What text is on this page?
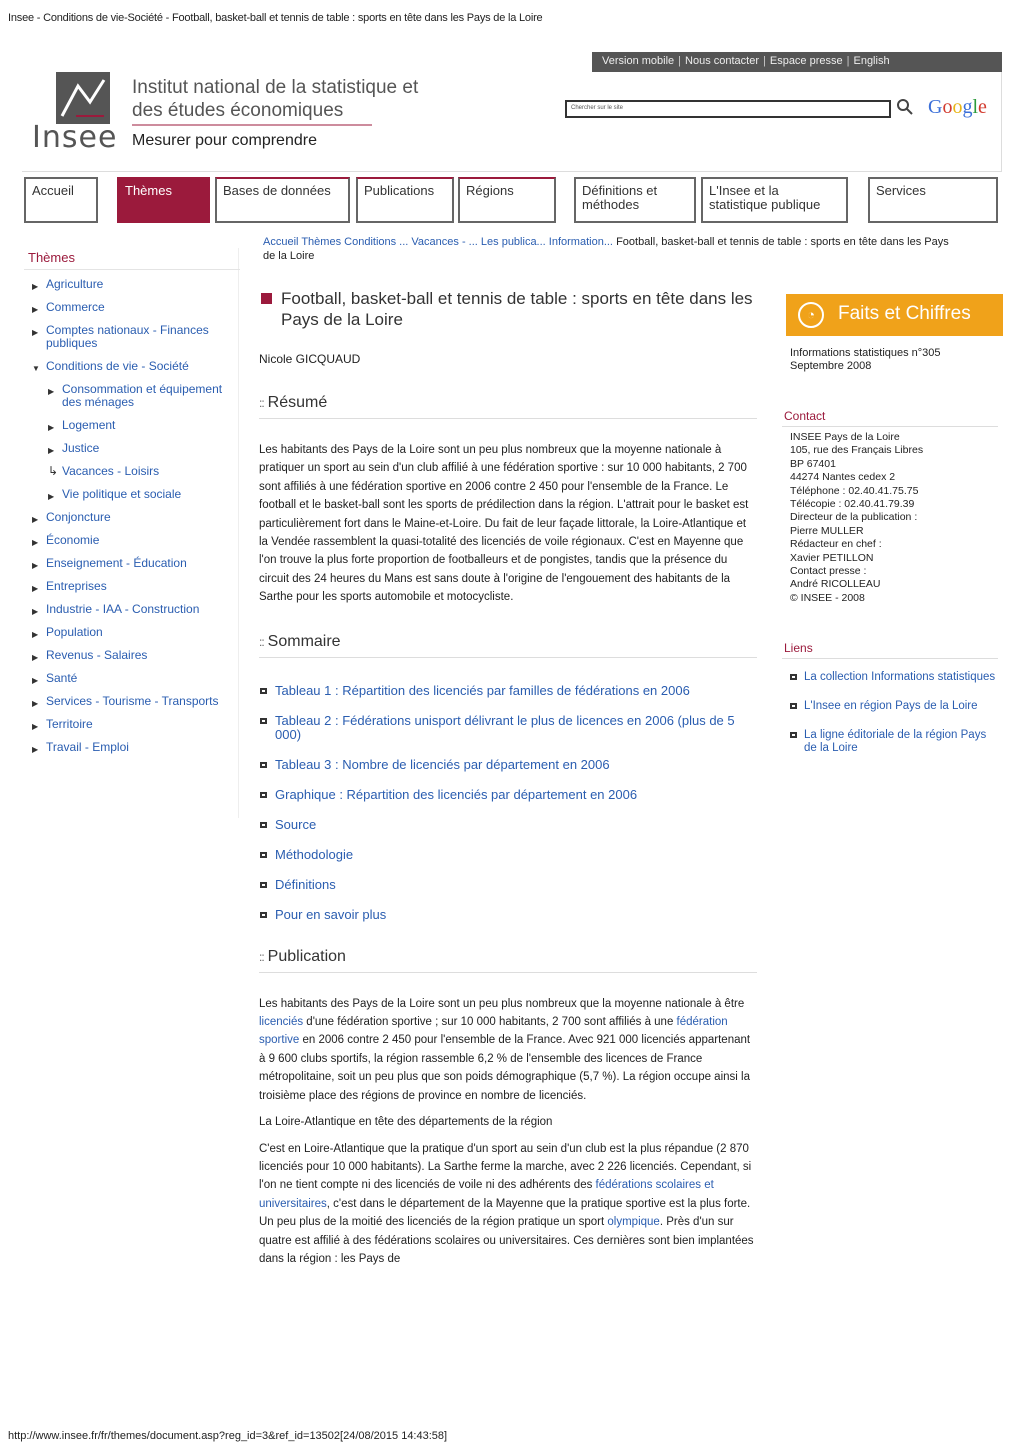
Insee - Conditions de vie-Société - Football, basket-ball et tennis de table : sports en tête dans les Pays de la Loire
Version mobile | Nous contacter | Espace presse | English
Insee
Institut national de la statistique et des études économiques
Mesurer pour comprendre
Chercher sur le site	Google
Accueil	Thèmes	Bases de données	Publications	Régions	Définitions et méthodes
L'Insee et la statistique publique
Services
Accueil Thèmes Conditions ... Vacances - ... Les publica... Information... Football, basket-ball et tennis de table : sports en tête dans les Pays de la Loire
Thèmes
▶ Agriculture
▶ Commerce
▶ Comptes nationaux - Finances publiques
▼ Conditions de vie - Société
▶ Consommation et équipement des ménages
▶ Logement
▶ Justice
↳ Vacances - Loisirs
▶ Vie politique et sociale
▶ Conjoncture
▶ Économie
▶ Enseignement - Éducation
▶ Entreprises
▶ Industrie - IAA - Construction
▶ Population
▶ Revenus - Salaires
▶ Santé
▶ Services - Tourisme - Transports
▶ Territoire
▶ Travail - Emploi
Football, basket-ball et tennis de table : sports en tête dans les Pays de la Loire
Nicole GICQUAUD
:: Résumé

Les habitants des Pays de la Loire sont un peu plus nombreux que la moyenne nationale à pratiquer un sport au sein d'un club affilié à une fédération sportive : sur 10 000 habitants, 2 700 sont affiliés à une fédération sportive en 2006 contre 2 450 pour l'ensemble de la France. Le football et le basket-ball sont les sports de prédilection dans la région. L'attrait pour le basket est particulièrement fort dans le Maine-et-Loire. Du fait de leur façade littorale, la Loire-Atlantique et la Vendée rassemblent la quasi-totalité des licenciés de voile régionaux. C'est en Mayenne que l'on trouve la plus forte proportion de footballeurs et de pongistes, tandis que la présence du circuit des 24 heures du Mans est sans doute à l'origine de l'engouement des habitants de la Sarthe pour les sports automobile et motocycliste.

:: Sommaire
Tableau 1 : Répartition des licenciés par familles de fédérations en 2006
Tableau 2 : Fédérations unisport délivrant le plus de licences en 2006 (plus de 5 000)
Tableau 3 : Nombre de licenciés par département en 2006
Graphique : Répartition des licenciés par département en 2006
Source
Méthodologie
Définitions
Pour en savoir plus
:: Publication

Les habitants des Pays de la Loire sont un peu plus nombreux que la moyenne nationale à être licenciés d'une fédération sportive ; sur 10 000 habitants, 2 700 sont affiliés à une fédération sportive en 2006 contre 2 450 pour l'ensemble de la France. Avec 921 000 licenciés appartenant à 9 600 clubs sportifs, la région rassemble 6,2 % de l'ensemble des licences de France métropolitaine, soit un peu plus que son poids démographique (5,7 %). La région occupe ainsi la troisième place des régions de province en nombre de licenciés.

La Loire-Atlantique en tête des départements de la région

C'est en Loire-Atlantique que la pratique d'un sport au sein d'un club est la plus répandue (2 870 licenciés pour 10 000 habitants). La Sarthe ferme la marche, avec 2 226 licenciés. Cependant, si l'on ne tient compte ni des licenciés de voile ni des adhérents des fédérations scolaires et universitaires, c'est dans le département de la Mayenne que la pratique sportive est la plus forte.

Un peu plus de la moitié des licenciés de la région pratique un sport olympique. Près d'un sur quatre est affilié à des fédérations scolaires ou universitaires. Ces dernières sont bien implantées dans la région : les Pays de

◔	Faits et Chiffres
Informations statistiques n°305
Septembre 2008
Contact
INSEE Pays de la Loire
105, rue des Français Libres
BP 67401
44274 Nantes cedex 2
Téléphone : 02.40.41.75.75
Télécopie : 02.40.41.79.39
Directeur de la publication :
Pierre MULLER
Rédacteur en chef :
Xavier PETILLON
Contact presse :
André RICOLLEAU
© INSEE - 2008
Liens
La collection Informations statistiques
L'Insee en région Pays de la Loire
La ligne éditoriale de la région Pays de la Loire
http://www.insee.fr/fr/themes/document.asp?reg_id=3&ref_id=13502[24/08/2015 14:43:58]
